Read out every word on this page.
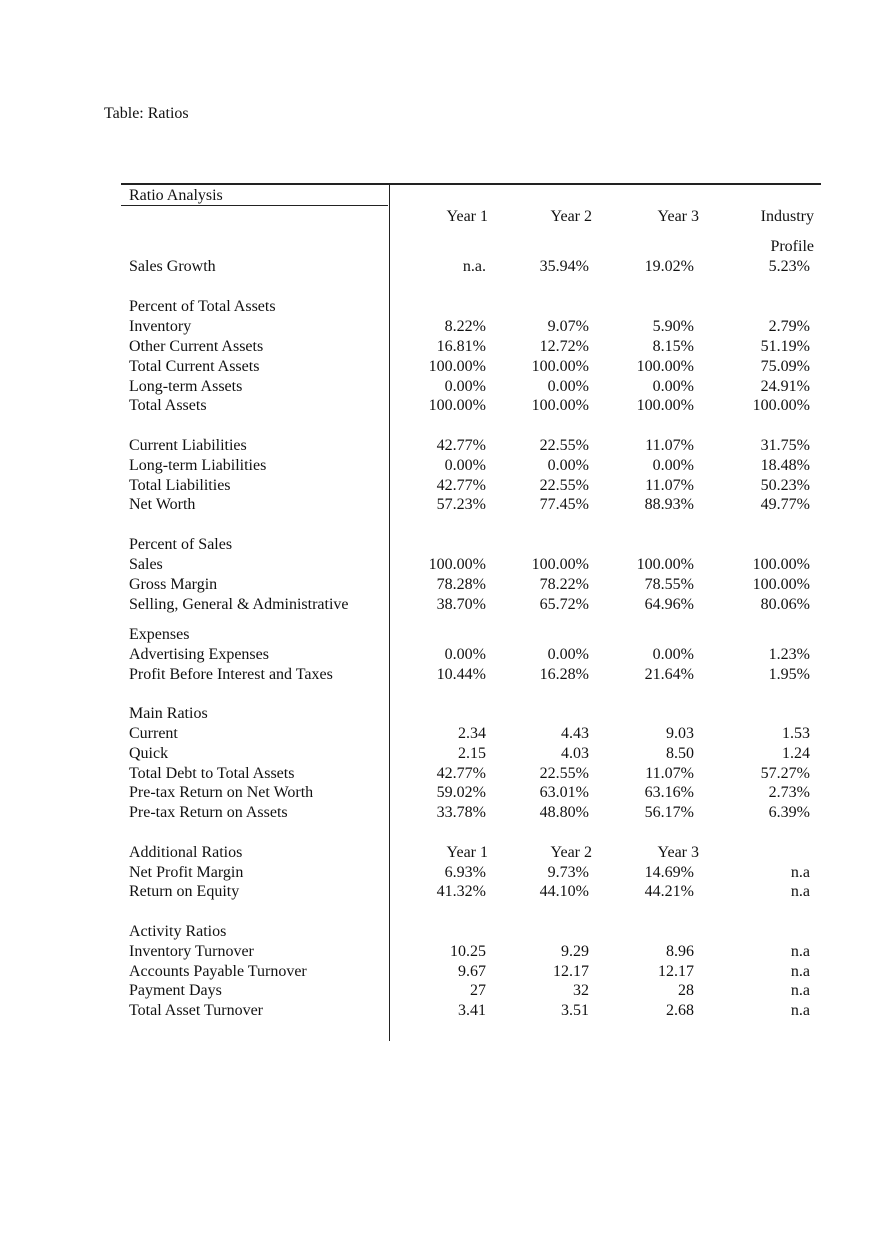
Table: Ratios
Ratio Analysis
Year 1	Year 2	Year 3	Industry
Profile
Sales Growth	n.a.	35.94%	19.02%	5.23%
Percent of Total Assets
Inventory	8.22%	9.07%	5.90%	2.79%
Other Current Assets	16.81%	12.72%	8.15%	51.19%
Total Current Assets	100.00%	100.00%	100.00%	75.09%
Long-term Assets	0.00%	0.00%	0.00%	24.91%
Total Assets	100.00%	100.00%	100.00%	100.00%
Current Liabilities	42.77%	22.55%	11.07%	31.75%
Long-term Liabilities	0.00%	0.00%	0.00%	18.48%
Total Liabilities	42.77%	22.55%	11.07%	50.23%
Net Worth	57.23%	77.45%	88.93%	49.77%
Percent of Sales
Sales	100.00%	100.00%	100.00%	100.00%
Gross Margin	78.28%	78.22%	78.55%	100.00%
Selling, General & Administrative	38.70%	65.72%	64.96%	80.06%
Expenses
Advertising Expenses	0.00%	0.00%	0.00%	1.23%
Profit Before Interest and Taxes	10.44%	16.28%	21.64%	1.95%
Main Ratios
Current	2.34	4.43	9.03	1.53
Quick	2.15	4.03	8.50	1.24
Total Debt to Total Assets	42.77%	22.55%	11.07%	57.27%
Pre-tax Return on Net Worth	59.02%	63.01%	63.16%	2.73%
Pre-tax Return on Assets	33.78%	48.80%	56.17%	6.39%
Additional Ratios	Year 1	Year 2	Year 3
Net Profit Margin	6.93%	9.73%	14.69%	n.a
Return on Equity	41.32%	44.10%	44.21%	n.a
Activity Ratios
Inventory Turnover	10.25	9.29	8.96	n.a
Accounts Payable Turnover	9.67	12.17	12.17	n.a
Payment Days	27	32	28	n.a
Total Asset Turnover	3.41	3.51	2.68	n.a
